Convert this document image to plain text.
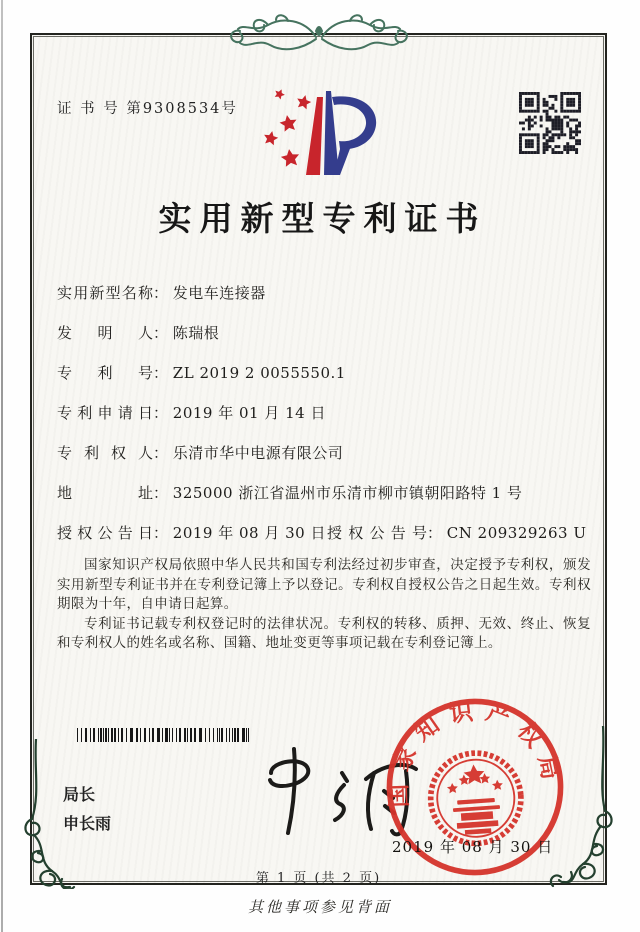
证 书 号 第9308534号
实用新型专利证书
实用新型名称： 发电车连接器
发明人： 陈瑞根
专利号： ZL 2019 2 0055550.1
专利申请日： 2019 年 01 月 14 日
专利权人： 乐清市华中电源有限公司
地址： 325000 浙江省温州市乐清市柳市镇朝阳路特 1 号
授权公告日： 2019 年 08 月 30 日 授权公告号： CN 209329263 U

国家知识产权局依照中华人民共和国专利法经过初步审查，决定授予专利权，颁发实用新型专利证书并在专利登记簿上予以登记。专利权自授权公告之日起生效。专利权期限为十年，自申请日起算。

专利证书记载专利权登记时的法律状况。专利权的转移、质押、无效、终止、恢复和专利权人的姓名或名称、国籍、地址变更等事项记载在专利登记簿上。

局长
申长雨
国家知识产权局
2019 年 08 月 30 日
第 1 页 (共 2 页)
其他事项参见背面
